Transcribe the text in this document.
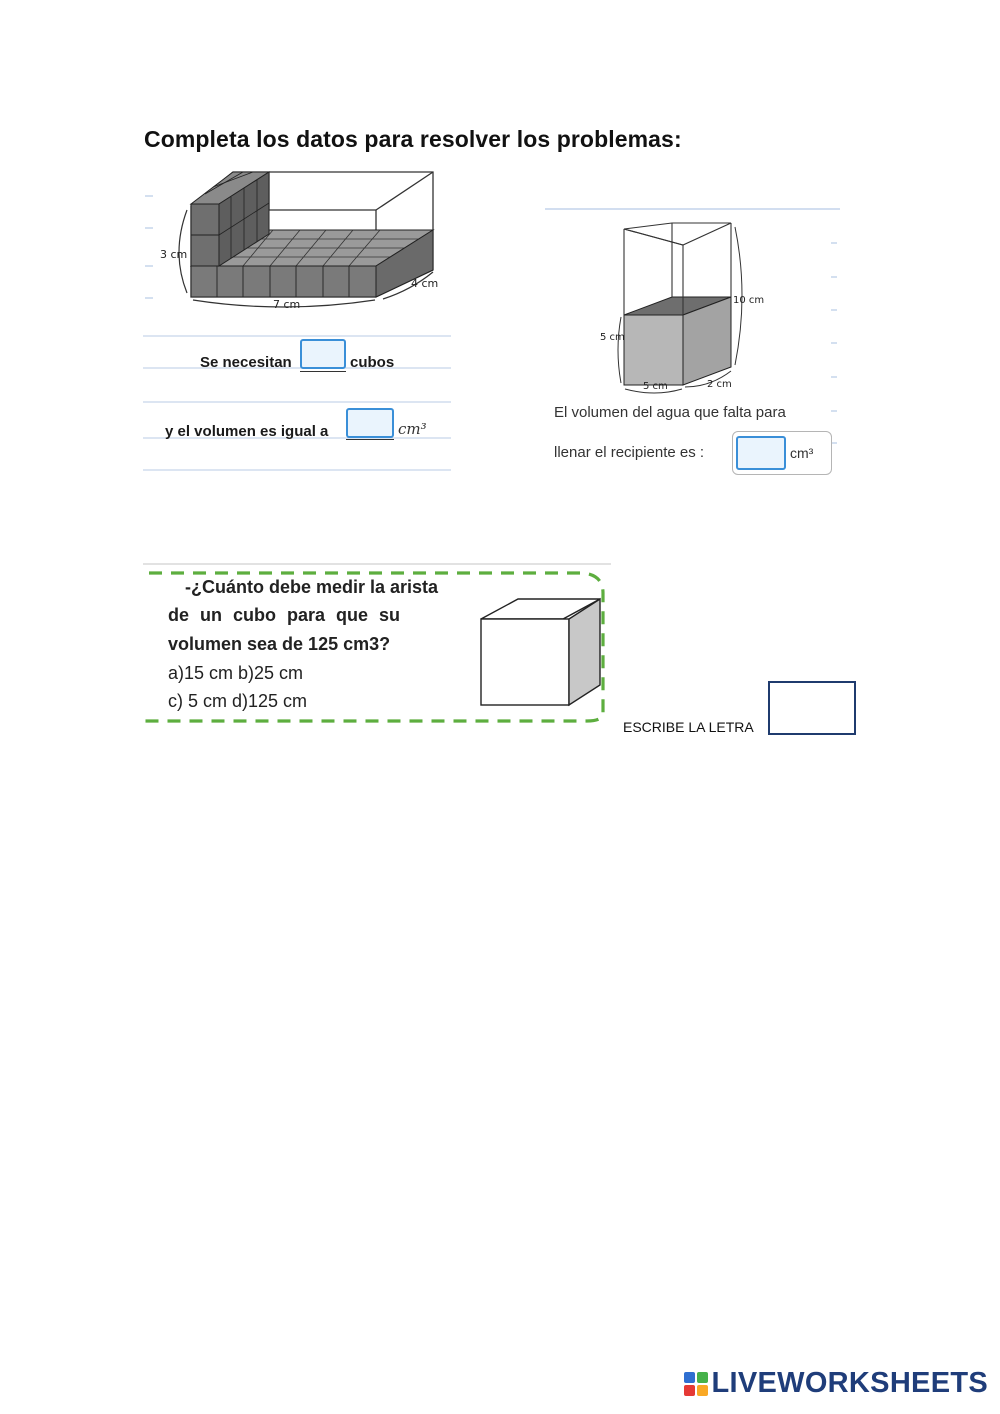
Completa los datos para resolver los problemas:
3 cm
7 cm
4 cm
Se necesitan	cubos
y el volumen es igual a	cm³
10 cm
5 cm
5 cm	2 cm
El volumen del agua que falta para
llenar el recipiente es :	cm³
-¿Cuánto debe medir la arista
de un cubo para que su
volumen sea de 125 cm3?
a)15 cm b)25 cm
c) 5 cm d)125 cm
ESCRIBE LA LETRA
LIVEWORKSHEETS
